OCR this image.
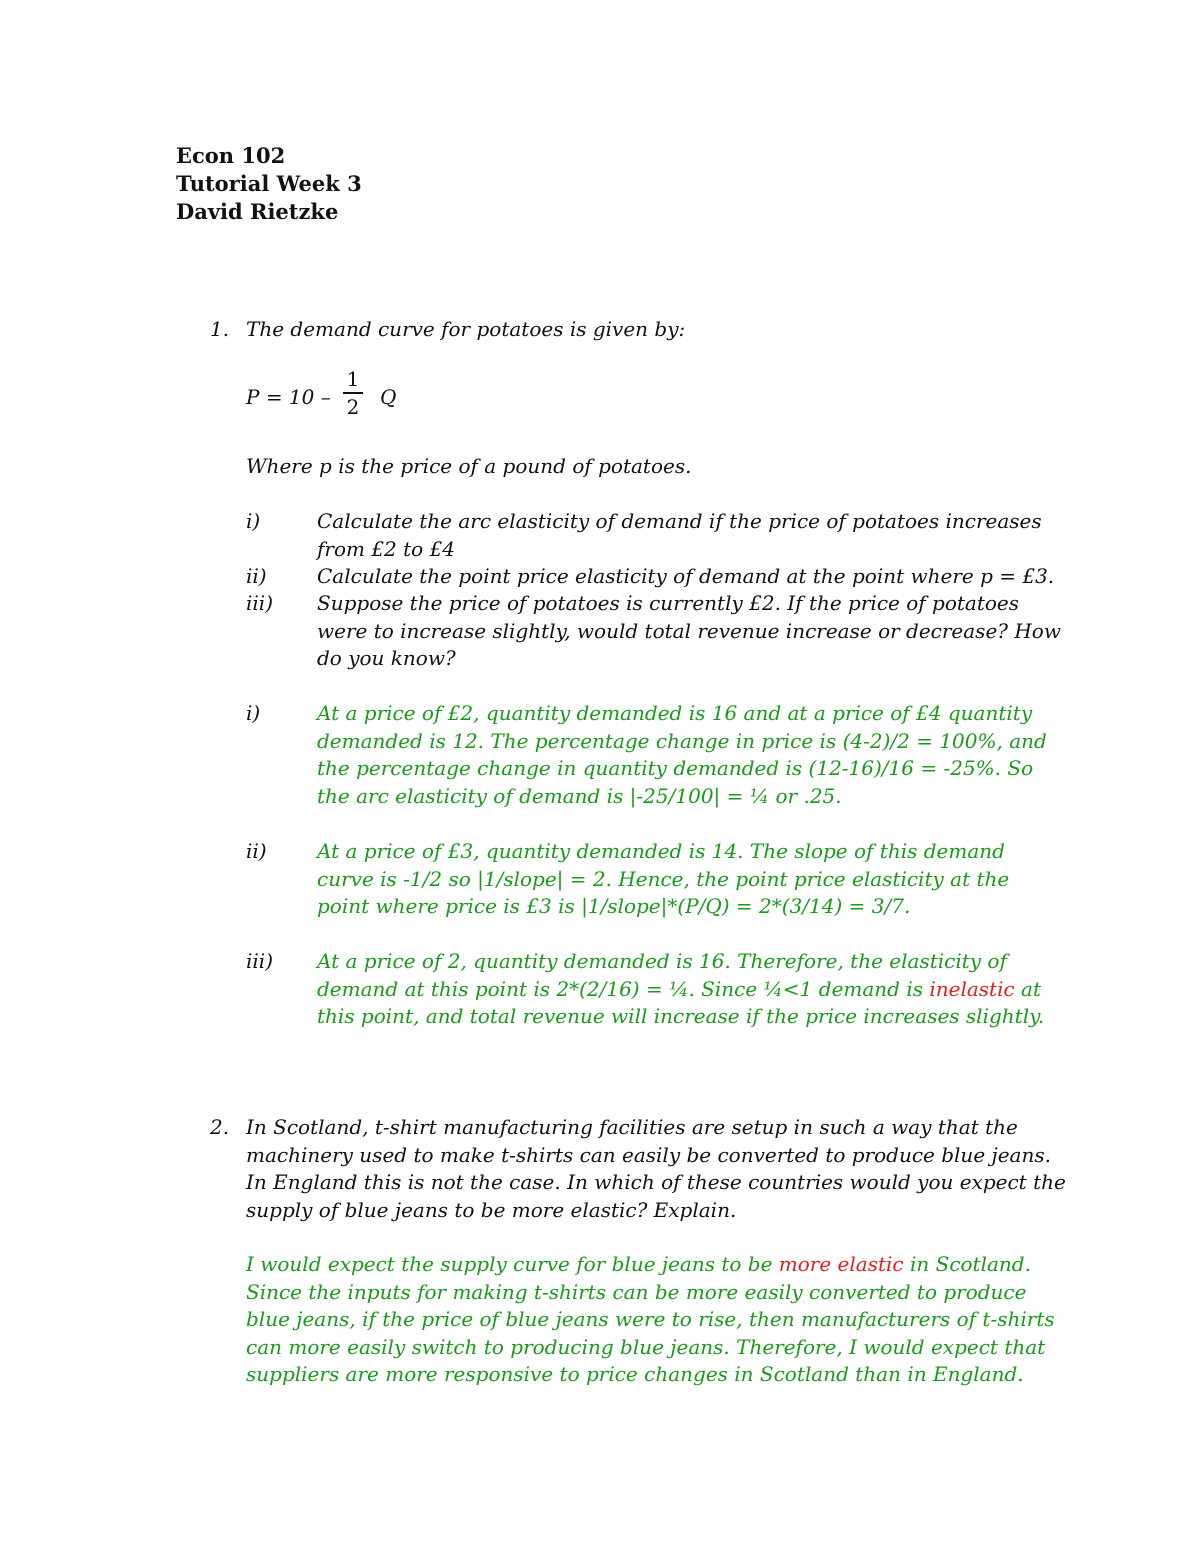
Econ 102
Tutorial Week 3
David Rietzke
1. The demand curve for potatoes is given by:
P = 10 –
1
2	Q
Where p is the price of a pound of potatoes.
i)	Calculate the arc elasticity of demand if the price of potatoes increases
from £2 to £4
ii)	Calculate the point price elasticity of demand at the point where p = £3.
iii) Suppose the price of potatoes is currently £2. If the price of potatoes
were to increase slightly, would total revenue increase or decrease? How
do you know?
i)	At a price of £2, quantity demanded is 16 and at a price of £4 quantity
demanded is 12. The percentage change in price is (4-2)/2 = 100%, and
the percentage change in quantity demanded is (12-16)/16 = -25%. So
the arc elasticity of demand is |-25/100| = ¼ or .25.
ii)	At a price of £3, quantity demanded is 14. The slope of this demand
curve is -1/2 so |1/slope| = 2. Hence, the point price elasticity at the
point where price is £3 is |1/slope|*(P/Q) = 2*(3/14) = 3/7.
iii) At a price of 2, quantity demanded is 16. Therefore, the elasticity of
demand at this point is 2*(2/16) = ¼. Since ¼<1 demand is inelastic at
this point, and total revenue will increase if the price increases slightly.
2. In Scotland, t-shirt manufacturing facilities are setup in such a way that the
machinery used to make t-shirts can easily be converted to produce blue jeans.
In England this is not the case. In which of these countries would you expect the
supply of blue jeans to be more elastic? Explain.
I would expect the supply curve for blue jeans to be more elastic in Scotland.
Since the inputs for making t-shirts can be more easily converted to produce
blue jeans, if the price of blue jeans were to rise, then manufacturers of t-shirts
can more easily switch to producing blue jeans. Therefore, I would expect that
suppliers are more responsive to price changes in Scotland than in England.
